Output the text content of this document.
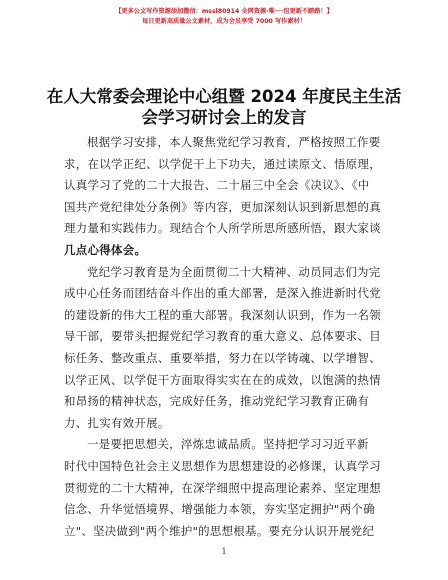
【更多公文写作资源添加微信：mssl80914 全网资源·唯一·包更新不踏路！】
每日更新高质量公文素材，成为会员享受 7000 写作素材！
在人大常委会理论中心组暨 2024 年度民主生活
会学习研讨会上的发言
根据学习安排，本人聚焦党纪学习教育，严格按照工作要
求，在以学正纪、以学促干上下功夫，通过读原文、悟原理，
认真学习了党的二十大报告、二十届三中全会《决议》、《中
国共产党纪律处分条例》等内容，更加深刻认识到新思想的真
理力量和实践伟力。现结合个人所学所思所感所悟，跟大家谈
几点心得体会。
党纪学习教育是为全面贯彻二十大精神、动员同志们为完
成中心任务而团结奋斗作出的重大部署，是深入推进新时代党
的建设新的伟大工程的重大部署。我深刻认识到，作为一名领
导干部，要带头把握党纪学习教育的重大意义、总体要求、目
标任务、整改重点、重要举措，努力在以学铸魂、以学增智、
以学正风、以学促干方面取得实实在在的成效，以饱满的热情
和昂扬的精神状态，完成好任务，推动党纪学习教育正确有
力、扎实有效开展。
一是要把思想关，淬炼忠诚品质。坚持把学习习近平新
时代中国特色社会主义思想作为思想建设的必修课，认真学习
贯彻党的二十大精神，在深学细照中提高理论素养、坚定理想
信念、升华觉悟境界、增强能力本领，夯实坚定拥护"两个确
立"、坚决做到"两个维护"的思想根基。要充分认识开展党纪
1
